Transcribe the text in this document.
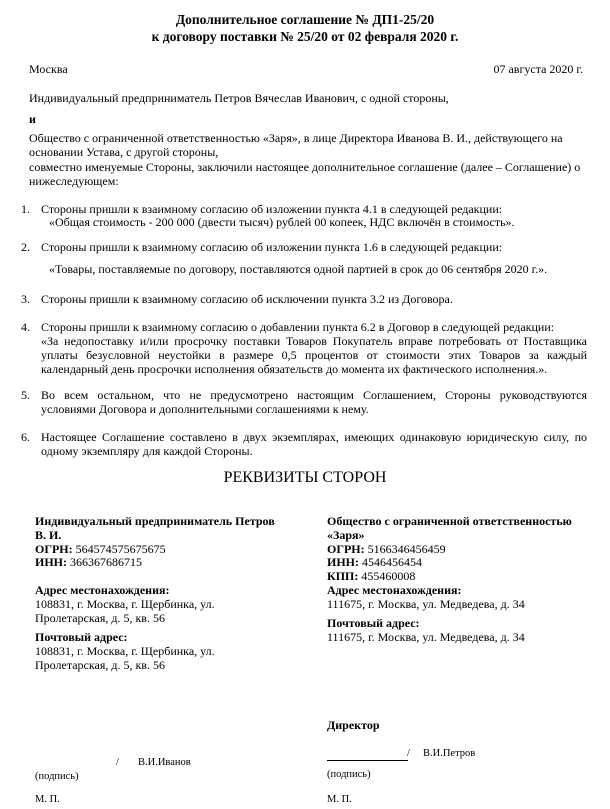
Дополнительное соглашение № ДП1-25/20
к договору поставки № 25/20 от 02 февраля 2020 г.
Москва	07 августа 2020 г.
Индивидуальный предприниматель Петров Вячеслав Иванович, с одной стороны,
и
Общество с ограниченной ответственностью «Заря», в лице Директора Иванова В. И., действующего на
основании Устава, с другой стороны,
совместно именуемые Стороны, заключили настоящее дополнительное соглашение (далее – Соглашение) о
нижеследующем:
1. Стороны пришли к взаимному согласию об изложении пункта 4.1 в следующей редакции:
«Общая стоимость - 200 000 (двести тысяч) рублей 00 копеек, НДС включён в стоимость».
2. Стороны пришли к взаимному согласию об изложении пункта 1.6 в следующей редакции:
«Товары, поставляемые по договору, поставляются одной партией в срок до 06 сентября 2020 г.».
3. Стороны пришли к взаимному согласию об исключении пункта 3.2 из Договора.
4. Стороны пришли к взаимному согласию о добавлении пункта 6.2 в Договор в следующей редакции:
«За недопоставку и/или просрочку поставки Товаров Покупатель вправе потребовать от Поставщика
уплаты безусловной неустойки в размере 0,5 процентов от стоимости этих Товаров за каждый
календарный день просрочки исполнения обязательств до момента их фактического исполнения.».
5. Во всем остальном, что не предусмотрено настоящим Соглашением, Стороны руководствуются
условиями Договора и дополнительными соглашениями к нему.
6. Настоящее Соглашение составлено в двух экземплярах, имеющих одинаковую юридическую силу, по
одному экземпляру для каждой Стороны.
РЕКВИЗИТЫ СТОРОН
Индивидуальный предприниматель Петров
В. И.
ОГРН: 564574575675675
ИНН: 366367686715
Адрес местонахождения:
108831, г. Москва, г. Щербинка, ул.
Пролетарская, д. 5, кв. 56
Почтовый адрес:
108831, г. Москва, г. Щербинка, ул.
Пролетарская, д. 5, кв. 56
/ В.И.Иванов
(подпись)
М. П.
Общество с ограниченной ответственностью
«Заря»
ОГРН: 5166346456459
ИНН: 4546456454
КПП: 455460008
Адрес местонахождения:
111675, г. Москва, ул. Медведева, д. 34
Почтовый адрес:
111675, г. Москва, ул. Медведева, д. 34
Директор
/ В.И.Петров
(подпись)
М. П.
